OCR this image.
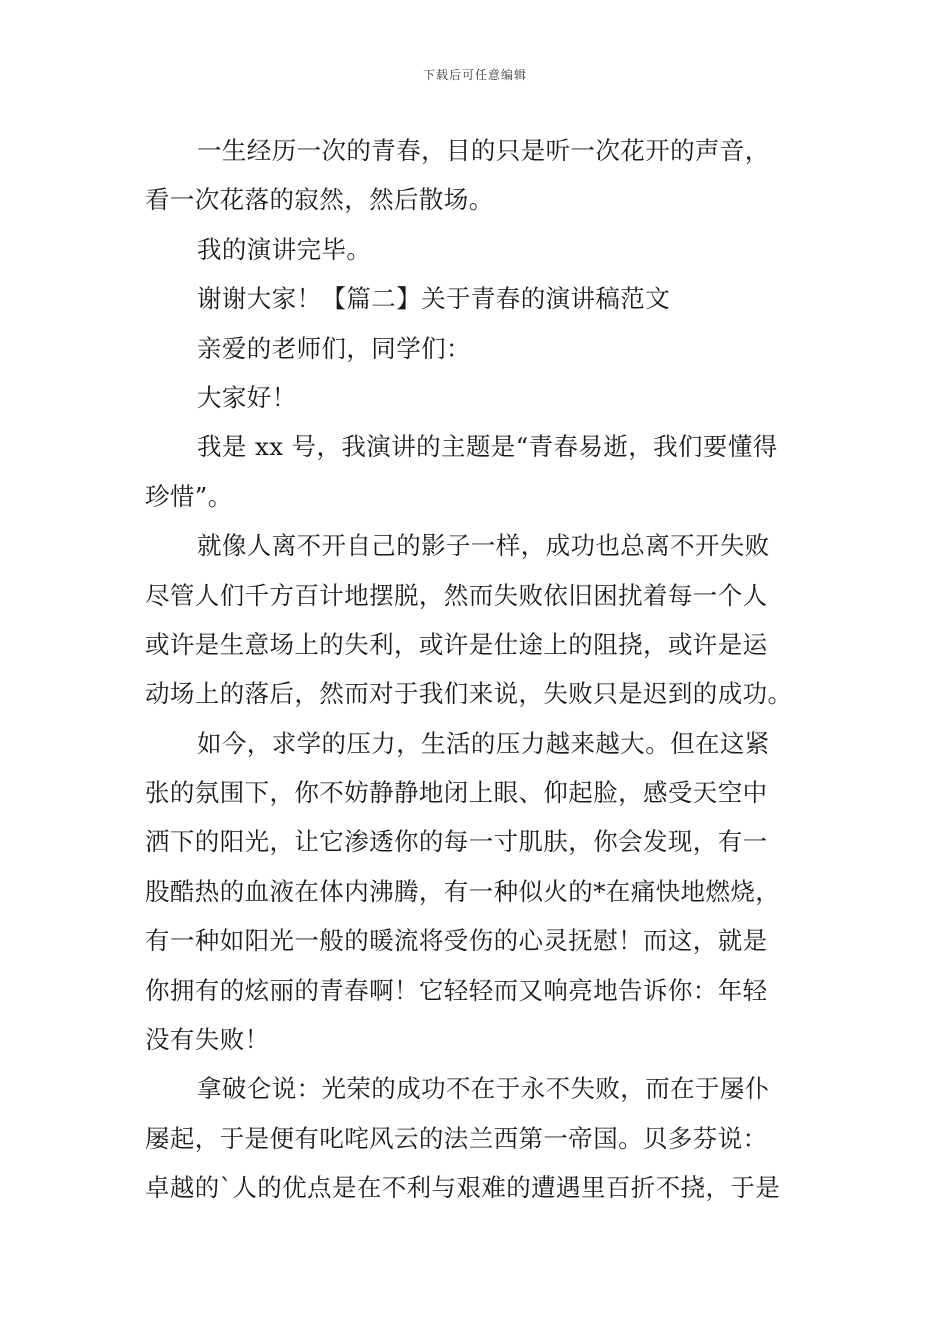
下载后可任意编辑
一生经历一次的青春，目的只是听一次花开的声音，
看一次花落的寂然，然后散场。
我的演讲完毕。
谢谢大家！【篇二】关于青春的演讲稿范文
亲爱的老师们，同学们：
大家好！
我是 xx 号，我演讲的主题是“青春易逝，我们要懂得
珍惜”。
就像人离不开自己的影子一样，成功也总离不开失败
尽管人们千方百计地摆脱，然而失败依旧困扰着每一个人
或许是生意场上的失利，或许是仕途上的阻挠，或许是运
动场上的落后，然而对于我们来说，失败只是迟到的成功。
如今，求学的压力，生活的压力越来越大。但在这紧
张的氛围下，你不妨静静地闭上眼、仰起脸，感受天空中
洒下的阳光，让它渗透你的每一寸肌肤，你会发现，有一
股酷热的血液在体内沸腾，有一种似火的*在痛快地燃烧，
有一种如阳光一般的暖流将受伤的心灵抚慰！而这，就是
你拥有的炫丽的青春啊！它轻轻而又响亮地告诉你：年轻
没有失败！
拿破仑说：光荣的成功不在于永不失败，而在于屡仆
屡起，于是便有叱咤风云的法兰西第一帝国。贝多芬说：
卓越的`人的优点是在不利与艰难的遭遇里百折不挠，于是
